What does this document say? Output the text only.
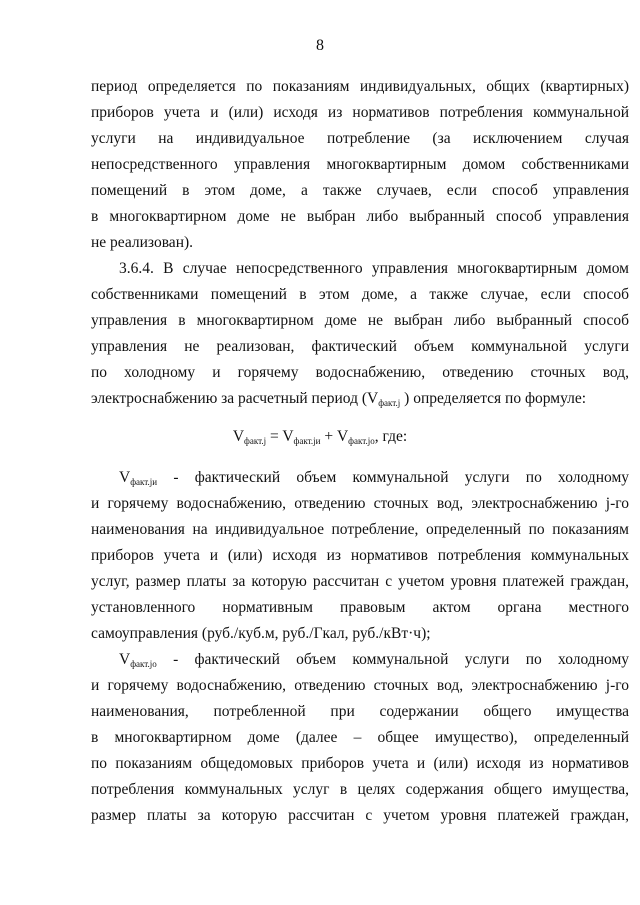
8
период определяется по показаниям индивидуальных, общих (квартирных)
приборов учета и (или) исходя из нормативов потребления коммунальной
услуги на индивидуальное потребление (за исключением случая
непосредственного управления многоквартирным домом собственниками
помещений в этом доме, а также случаев, если способ управления
в многоквартирном доме не выбран либо выбранный способ управления
не реализован).
3.6.4. В случае непосредственного управления многоквартирным домом
собственниками помещений в этом доме, а также случае, если способ
управления в многоквартирном доме не выбран либо выбранный способ
управления не реализован, фактический объем коммунальной услуги
по холодному и горячему водоснабжению, отведению сточных вод,
электроснабжению за расчетный период ($V_{факт.j}$ ) определяется по формуле:
$V_{факт.j} = V_{факт.jи} + V_{факт.jо}$, где:
$V_{факт.jи}$ - фактический объем коммунальной услуги по холодному
и горячему водоснабжению, отведению сточных вод, электроснабжению j-го
наименования на индивидуальное потребление, определенный по показаниям
приборов учета и (или) исходя из нормативов потребления коммунальных
услуг, размер платы за которую рассчитан с учетом уровня платежей граждан,
установленного нормативным правовым актом органа местного
самоуправления (руб./куб.м, руб./Гкал, руб./кВт·ч);
$V_{факт.jо}$ - фактический объем коммунальной услуги по холодному
и горячему водоснабжению, отведению сточных вод, электроснабжению j-го
наименования, потребленной при содержании общего имущества
в многоквартирном доме (далее – общее имущество), определенный
по показаниям общедомовых приборов учета и (или) исходя из нормативов
потребления коммунальных услуг в целях содержания общего имущества,
размер платы за которую рассчитан с учетом уровня платежей граждан,
